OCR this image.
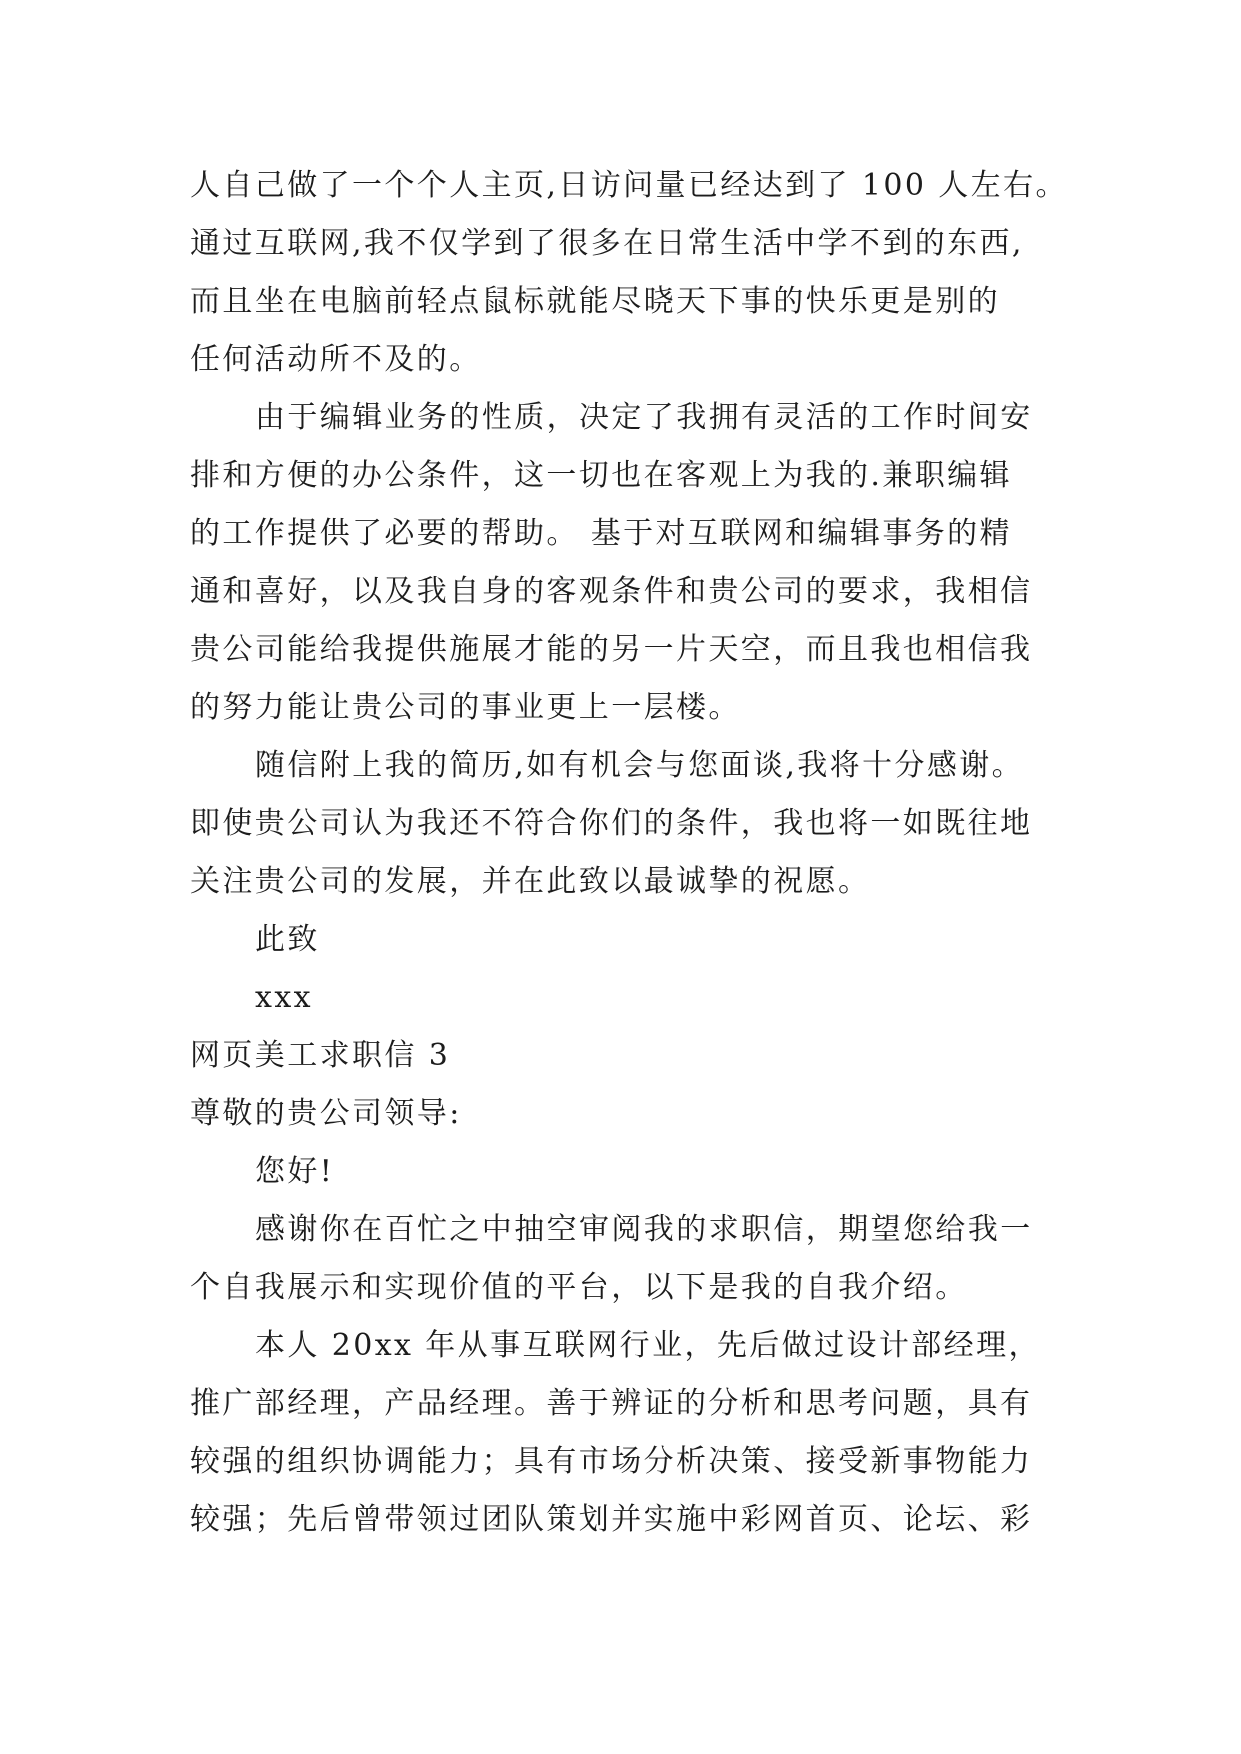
人自己做了一个个人主页,日访问量已经达到了 100 人左右。
通过互联网,我不仅学到了很多在日常生活中学不到的东西,
而且坐在电脑前轻点鼠标就能尽晓天下事的快乐更是别的
任何活动所不及的。
由于编辑业务的性质，决定了我拥有灵活的工作时间安
排和方便的办公条件，这一切也在客观上为我的.兼职编辑
的工作提供了必要的帮助。 基于对互联网和编辑事务的精
通和喜好，以及我自身的客观条件和贵公司的要求，我相信
贵公司能给我提供施展才能的另一片天空，而且我也相信我
的努力能让贵公司的事业更上一层楼。
随信附上我的简历,如有机会与您面谈,我将十分感谢。
即使贵公司认为我还不符合你们的条件，我也将一如既往地
关注贵公司的发展，并在此致以最诚挚的祝愿。
此致
xxx
网页美工求职信 3
尊敬的贵公司领导:
您好!
感谢你在百忙之中抽空审阅我的求职信，期望您给我一
个自我展示和实现价值的平台，以下是我的自我介绍。
本人 20xx 年从事互联网行业，先后做过设计部经理，
推广部经理，产品经理。善于辨证的分析和思考问题，具有
较强的组织协调能力；具有市场分析决策、接受新事物能力
较强；先后曾带领过团队策划并实施中彩网首页、论坛、彩
